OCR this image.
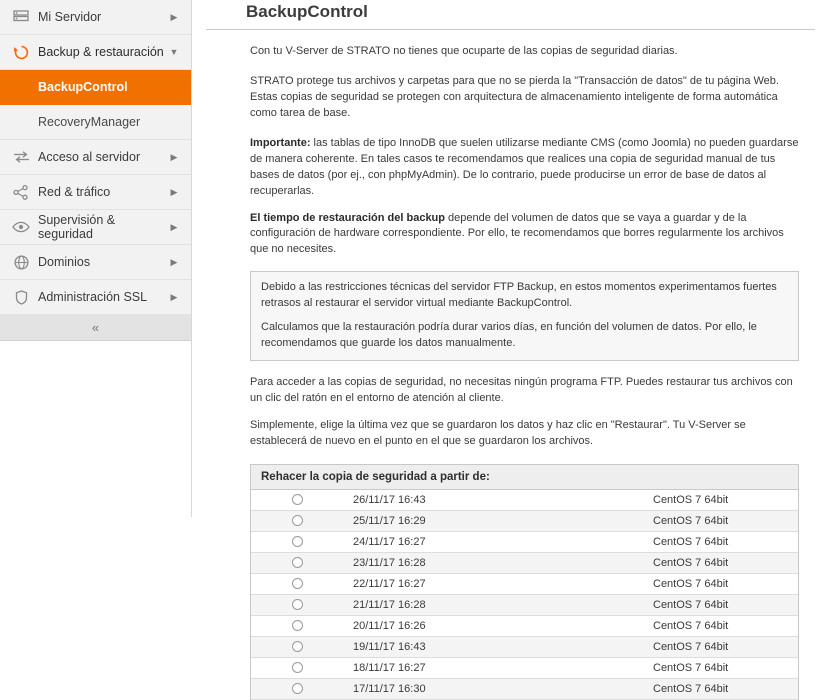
Mi Servidor	▶
Backup & restauración ▼
BackupControl
RecoveryManager
Acceso al servidor	▶
Red & tráfico	▶
Supervisión & seguridad
▶
Dominios	▶
Administración SSL	▶
«
BackupControl

Con tu V-Server de STRATO no tienes que ocuparte de las copias de seguridad diarias.

STRATO protege tus archivos y carpetas para que no se pierda la "Transacción de datos" de tu página Web. Estas copias de seguridad se protegen con arquitectura de almacenamiento inteligente de forma automática como tarea de base.

Importante: las tablas de tipo InnoDB que suelen utilizarse mediante CMS (como Joomla) no pueden guardarse de manera coherente. En tales casos te recomendamos que realices una copia de seguridad manual de tus bases de datos (por ej., con phpMyAdmin). De lo contrario, puede producirse un error de base de datos al recuperarlas.

El tiempo de restauración del backup depende del volumen de datos que se vaya a guardar y de la configuración de hardware correspondiente. Por ello, te recomendamos que borres regularmente los archivos que no necesites.

Debido a las restricciones técnicas del servidor FTP Backup, en estos momentos experimentamos fuertes retrasos al restaurar el servidor virtual mediante BackupControl.

Calculamos que la restauración podría durar varios días, en función del volumen de datos. Por ello, le recomendamos que guarde los datos manualmente.

Para acceder a las copias de seguridad, no necesitas ningún programa FTP. Puedes restaurar tus archivos con un clic del ratón en el entorno de atención al cliente.

Simplemente, elige la última vez que se guardaron los datos y haz clic en "Restaurar". Tu V-Server se establecerá de nuevo en el punto en el que se guardaron los archivos.

Rehacer la copia de seguridad a partir de:		
	26/11/17 16:43	CentOS 7 64bit
	25/11/17 16:29	CentOS 7 64bit
	24/11/17 16:27	CentOS 7 64bit
	23/11/17 16:28	CentOS 7 64bit
	22/11/17 16:27	CentOS 7 64bit
	21/11/17 16:28	CentOS 7 64bit
	20/11/17 16:26	CentOS 7 64bit
	19/11/17 16:43	CentOS 7 64bit
	18/11/17 16:27	CentOS 7 64bit
	17/11/17 16:30	CentOS 7 64bit
